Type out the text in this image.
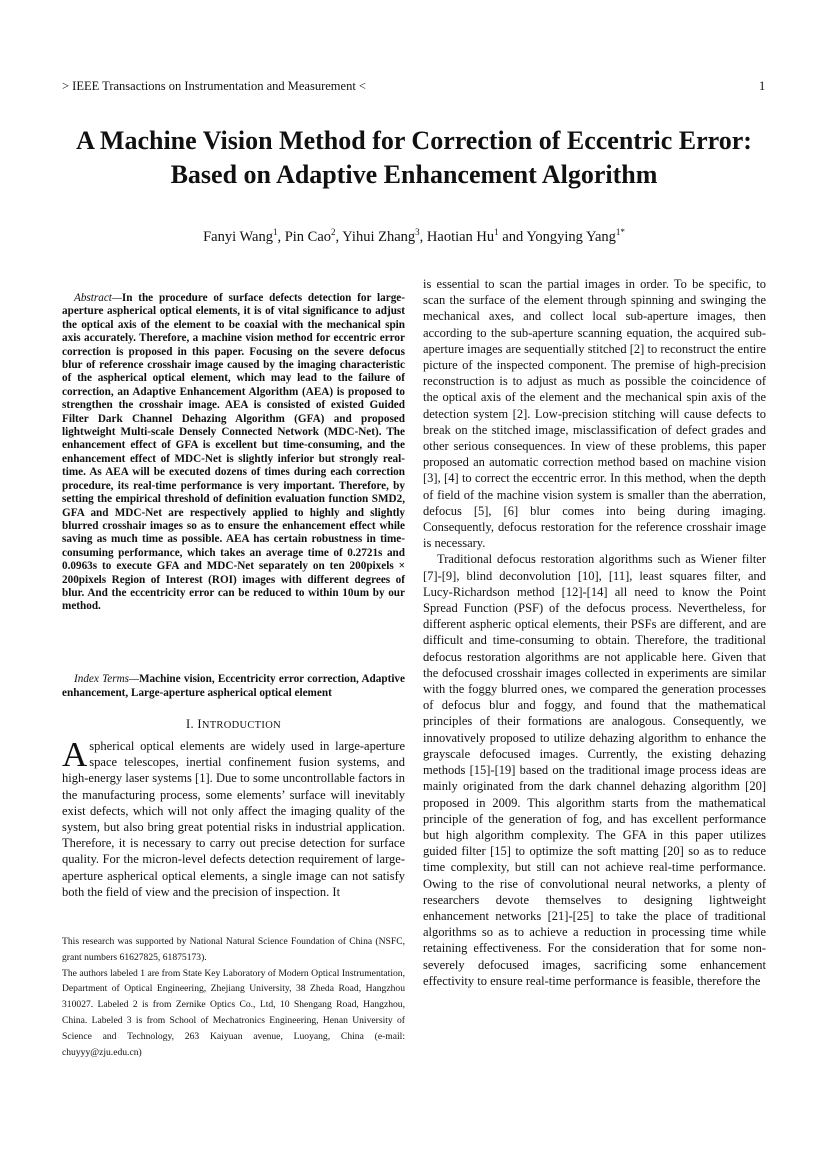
> IEEE Transactions on Instrumentation and Measurement <	1
A Machine Vision Method for Correction of Eccentric Error: Based on Adaptive Enhancement Algorithm
Fanyi Wang$^1$, Pin Cao$^2$, Yihui Zhang$^3$, Haotian Hu$^1$ and Yongying Yang$^{1*}$

Abstract—In the procedure of surface defects detection for large-aperture aspherical optical elements, it is of vital significance to adjust the optical axis of the element to be coaxial with the mechanical spin axis accurately. Therefore, a machine vision method for eccentric error correction is proposed in this paper. Focusing on the severe defocus blur of reference crosshair image caused by the imaging characteristic of the aspherical optical element, which may lead to the failure of correction, an Adaptive Enhancement Algorithm (AEA) is proposed to strengthen the crosshair image. AEA is consisted of existed Guided Filter Dark Channel Dehazing Algorithm (GFA) and proposed lightweight Multi-scale Densely Connected Network (MDC-Net). The enhancement effect of GFA is excellent but time-consuming, and the enhancement effect of MDC-Net is slightly inferior but strongly real-time. As AEA will be executed dozens of times during each correction procedure, its real-time performance is very important. Therefore, by setting the empirical threshold of definition evaluation function SMD2, GFA and MDC-Net are respectively applied to highly and slightly blurred crosshair images so as to ensure the enhancement effect while saving as much time as possible. AEA has certain robustness in time-consuming performance, which takes an average time of 0.2721s and 0.0963s to execute GFA and MDC-Net separately on ten 200pixels × 200pixels Region of Interest (ROI) images with different degrees of blur. And the eccentricity error can be reduced to within 10um by our method.

Index Terms—Machine vision, Eccentricity error correction, Adaptive enhancement, Large-aperture aspherical optical element

I. INTRODUCTION

Aspherical optical elements are widely used in large-aperture space telescopes, inertial confinement fusion systems, and high-energy laser systems [1]. Due to some uncontrollable factors in the manufacturing process, some elements’ surface will inevitably exist defects, which will not only affect the imaging quality of the system, but also bring great potential risks in industrial application. Therefore, it is necessary to carry out precise detection for surface quality. For the micron-level defects detection requirement of large-aperture aspherical optical elements, a single image can not satisfy both the field of view and the precision of inspection. It

This research was supported by National Natural Science Foundation of China (NSFC, grant numbers 61627825, 61875173).

The authors labeled 1 are from State Key Laboratory of Modern Optical Instrumentation, Department of Optical Engineering, Zhejiang University, 38 Zheda Road, Hangzhou 310027. Labeled 2 is from Zernike Optics Co., Ltd, 10 Shengang Road, Hangzhou, China. Labeled 3 is from School of Mechatronics Engineering, Henan University of Science and Technology, 263 Kaiyuan avenue, Luoyang, China (e-mail: chuyyy@zju.edu.cn)

is essential to scan the partial images in order. To be specific, to scan the surface of the element through spinning and swinging the mechanical axes, and collect local sub-aperture images, then according to the sub-aperture scanning equation, the acquired sub-aperture images are sequentially stitched [2] to reconstruct the entire picture of the inspected component. The premise of high-precision reconstruction is to adjust as much as possible the coincidence of the optical axis of the element and the mechanical spin axis of the detection system [2]. Low-precision stitching will cause defects to break on the stitched image, misclassification of defect grades and other serious consequences. In view of these problems, this paper proposed an automatic correction method based on machine vision [3], [4] to correct the eccentric error. In this method, when the depth of field of the machine vision system is smaller than the aberration, defocus [5], [6] blur comes into being during imaging. Consequently, defocus restoration for the reference crosshair image is necessary.

Traditional defocus restoration algorithms such as Wiener filter [7]-[9], blind deconvolution [10], [11], least squares filter, and Lucy-Richardson method [12]-[14] all need to know the Point Spread Function (PSF) of the defocus process. Nevertheless, for different aspheric optical elements, their PSFs are different, and are difficult and time-consuming to obtain. Therefore, the traditional defocus restoration algorithms are not applicable here. Given that the defocused crosshair images collected in experiments are similar with the foggy blurred ones, we compared the generation processes of defocus blur and foggy, and found that the mathematical principles of their formations are analogous. Consequently, we innovatively proposed to utilize dehazing algorithm to enhance the grayscale defocused images. Currently, the existing dehazing methods [15]-[19] based on the traditional image process ideas are mainly originated from the dark channel dehazing algorithm [20] proposed in 2009. This algorithm starts from the mathematical principle of the generation of fog, and has excellent performance but high algorithm complexity. The GFA in this paper utilizes guided filter [15] to optimize the soft matting [20] so as to reduce time complexity, but still can not achieve real-time performance. Owing to the rise of convolutional neural networks, a plenty of researchers devote themselves to designing lightweight enhancement networks [21]-[25] to take the place of traditional algorithms so as to achieve a reduction in processing time while retaining effectiveness. For the consideration that for some non-severely defocused images, sacrificing some enhancement effectivity to ensure real-time performance is feasible, therefore the
